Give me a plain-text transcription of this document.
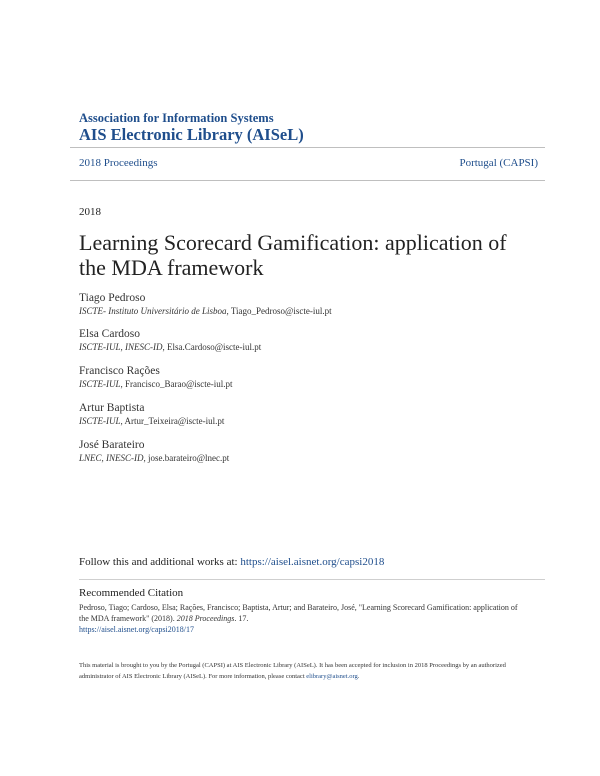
Association for Information Systems
AIS Electronic Library (AISeL)
2018 Proceedings	Portugal (CAPSI)
2018
Learning Scorecard Gamification: application of the MDA framework
Tiago Pedroso
ISCTE- Instituto Universitário de Lisboa, Tiago_Pedroso@iscte-iul.pt
Elsa Cardoso
ISCTE-IUL, INESC-ID, Elsa.Cardoso@iscte-iul.pt
Francisco Rações
ISCTE-IUL, Francisco_Barao@iscte-iul.pt
Artur Baptista
ISCTE-IUL, Artur_Teixeira@iscte-iul.pt
José Barateiro
LNEC, INESC-ID, jose.barateiro@lnec.pt
Follow this and additional works at: https://aisel.aisnet.org/capsi2018
Recommended Citation
Pedroso, Tiago; Cardoso, Elsa; Rações, Francisco; Baptista, Artur; and Barateiro, José, "Learning Scorecard Gamification: application of the MDA framework" (2018). 2018 Proceedings. 17.
https://aisel.aisnet.org/capsi2018/17
This material is brought to you by the Portugal (CAPSI) at AIS Electronic Library (AISeL). It has been accepted for inclusion in 2018 Proceedings by an authorized administrator of AIS Electronic Library (AISeL). For more information, please contact elibrary@aisnet.org.
